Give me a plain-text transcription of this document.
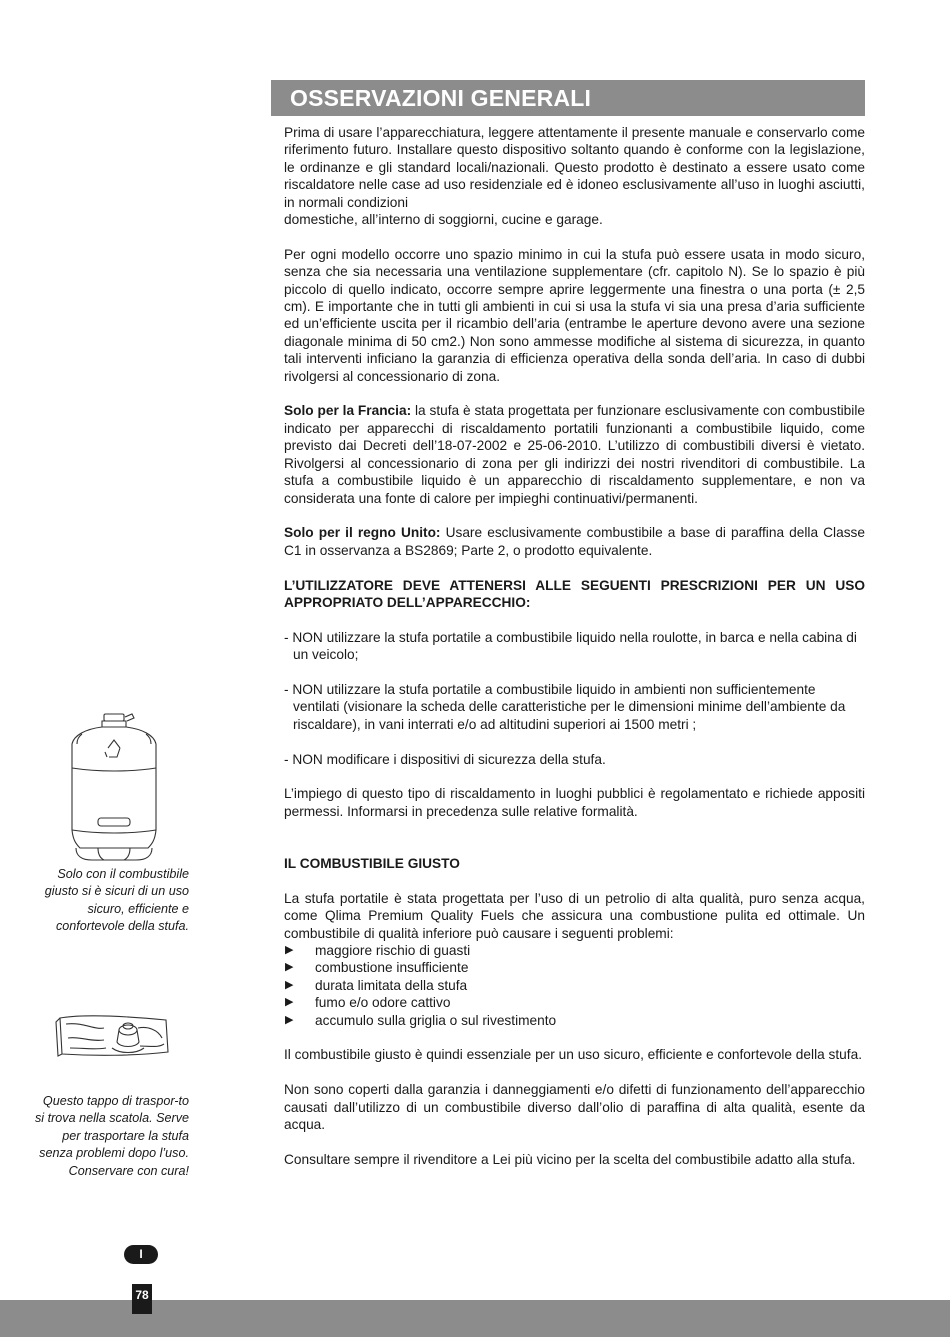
OSSERVAZIONI GENERALI

Prima di usare l’apparecchiatura, leggere attentamente il presente manuale e conservarlo come riferimento futuro. Installare questo dispositivo soltanto quando è conforme con la legislazione, le ordinanze e gli standard locali/nazionali. Questo prodotto è destinato a essere usato come riscaldatore nelle case ad uso residenziale ed è idoneo esclusivamente all’uso in luoghi asciutti, in normali condizioni

domestiche, all’interno di soggiorni, cucine e garage.

Per ogni modello occorre uno spazio minimo in cui la stufa può essere usata in modo sicuro, senza che sia necessaria una ventilazione supplementare (cfr. capitolo N). Se lo spazio è più piccolo di quello indicato, occorre sempre aprire leggermente una finestra o una porta (± 2,5 cm). E importante che in tutti gli ambienti in cui si usa la stufa vi sia una presa d’aria sufficiente ed un’efficiente uscita per il ricambio dell’aria (entrambe le aperture devono avere una sezione diagonale minima di 50 cm2.) Non sono ammesse modifiche al sistema di sicurezza, in quanto tali interventi inficiano la garanzia di efficienza operativa della sonda dell’aria. In caso di dubbi rivolgersi al concessionario di zona.

Solo per la Francia: la stufa è stata progettata per funzionare esclusivamente con combustibile indicato per apparecchi di riscaldamento portatili funzionanti a combustibile liquido, come previsto dai Decreti dell’18-07-2002 e 25-06-2010. L’utilizzo di combustibili diversi è vietato. Rivolgersi al concessionario di zona per gli indirizzi dei nostri rivenditori di combustibile. La stufa a combustibile liquido è un apparecchio di riscaldamento supplementare, e non va considerata una fonte di calore per impieghi continuativi/permanenti.

Solo per il regno Unito: Usare esclusivamente combustibile a base di paraffina della Classe C1 in osservanza a BS2869; Parte 2, o prodotto equivalente.

L’UTILIZZATORE DEVE ATTENERSI ALLE SEGUENTI PRESCRIZIONI PER UN USO APPROPRIATO DELL’APPARECCHIO:

- NON utilizzare la stufa portatile a combustibile liquido nella roulotte, in barca e nella cabina di un veicolo;

- NON utilizzare la stufa portatile a combustibile liquido in ambienti non sufficientemente ventilati (visionare la scheda delle caratteristiche per le dimensioni minime dell’ambiente da riscaldare), in vani interrati e/o ad altitudini superiori ai 1500 metri ;

- NON modificare i dispositivi di sicurezza della stufa.

L’impiego di questo tipo di riscaldamento in luoghi pubblici è regolamentato e richiede appositi permessi. Informarsi in precedenza sulle relative formalità.

IL COMBUSTIBILE GIUSTO

La stufa portatile è stata progettata per l’uso di un petrolio di alta qualità, puro senza acqua, come Qlima Premium Quality Fuels che assicura una combustione pulita ed ottimale. Un combustibile di qualità inferiore può causare i seguenti problemi:

▶ maggiore rischio di guasti
▶ combustione insufficiente
▶ durata limitata della stufa
▶ fumo e/o odore cattivo
▶ accumulo sulla griglia o sul rivestimento

Il combustibile giusto è quindi essenziale per un uso sicuro, efficiente e confortevole della stufa.

Non sono coperti dalla garanzia i danneggiamenti e/o difetti di funzionamento dell’apparecchio causati dall’utilizzo di un combustibile diverso dall’olio di paraffina di alta qualità, esente da acqua.

Consultare sempre il rivenditore a Lei più vicino per la scelta del combustibile adatto alla stufa.

Solo con il combustibile giusto si è sicuri di un uso sicuro, efficiente e confortevole della stufa.
Questo tappo di traspor-to si trova nella scatola. Serve per trasportare la stufa senza problemi dopo l’uso. Conservare con cura!
I
78
